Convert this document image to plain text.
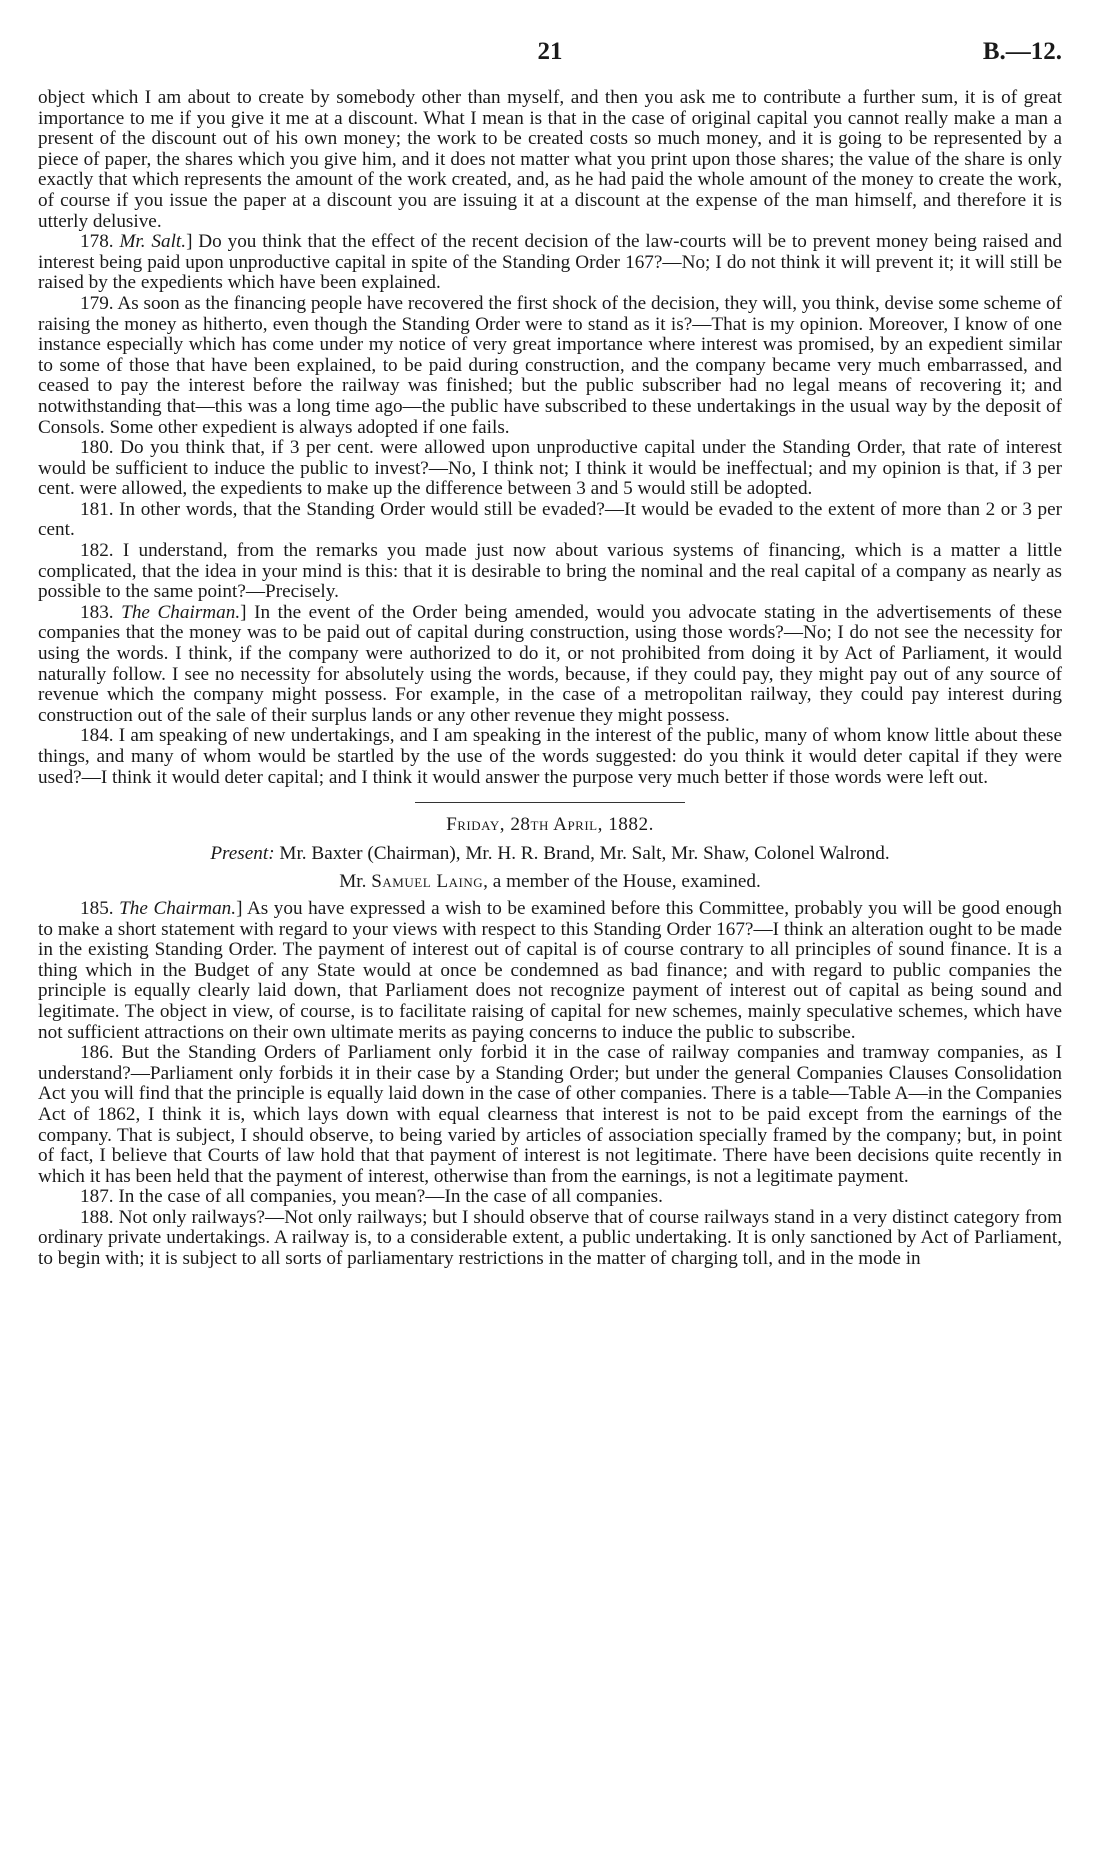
21	B.—12.

object which I am about to create by somebody other than myself, and then you ask me to contribute a further sum, it is of great importance to me if you give it me at a discount. What I mean is that in the case of original capital you cannot really make a man a present of the discount out of his own money; the work to be created costs so much money, and it is going to be represented by a piece of paper, the shares which you give him, and it does not matter what you print upon those shares; the value of the share is only exactly that which represents the amount of the work created, and, as he had paid the whole amount of the money to create the work, of course if you issue the paper at a discount you are issuing it at a discount at the expense of the man himself, and therefore it is utterly delusive.

178. Mr. Salt.] Do you think that the effect of the recent decision of the law-courts will be to prevent money being raised and interest being paid upon unproductive capital in spite of the Standing Order 167?—No; I do not think it will prevent it; it will still be raised by the expedients which have been explained.

179. As soon as the financing people have recovered the first shock of the decision, they will, you think, devise some scheme of raising the money as hitherto, even though the Standing Order were to stand as it is?—That is my opinion. Moreover, I know of one instance especially which has come under my notice of very great importance where interest was promised, by an expedient similar to some of those that have been explained, to be paid during construction, and the company became very much embarrassed, and ceased to pay the interest before the railway was finished; but the public subscriber had no legal means of recovering it; and notwithstanding that—this was a long time ago—the public have subscribed to these undertakings in the usual way by the deposit of Consols. Some other expedient is always adopted if one fails.

180. Do you think that, if 3 per cent. were allowed upon unproductive capital under the Standing Order, that rate of interest would be sufficient to induce the public to invest?—No, I think not; I think it would be ineffectual; and my opinion is that, if 3 per cent. were allowed, the expedients to make up the difference between 3 and 5 would still be adopted.

181. In other words, that the Standing Order would still be evaded?—It would be evaded to the extent of more than 2 or 3 per cent.

182. I understand, from the remarks you made just now about various systems of financing, which is a matter a little complicated, that the idea in your mind is this: that it is desirable to bring the nominal and the real capital of a company as nearly as possible to the same point?—Precisely.

183. The Chairman.] In the event of the Order being amended, would you advocate stating in the advertisements of these companies that the money was to be paid out of capital during construction, using those words?—No; I do not see the necessity for using the words. I think, if the company were authorized to do it, or not prohibited from doing it by Act of Parliament, it would naturally follow. I see no necessity for absolutely using the words, because, if they could pay, they might pay out of any source of revenue which the company might possess. For example, in the case of a metropolitan railway, they could pay interest during construction out of the sale of their surplus lands or any other revenue they might possess.

184. I am speaking of new undertakings, and I am speaking in the interest of the public, many of whom know little about these things, and many of whom would be startled by the use of the words suggested: do you think it would deter capital if they were used?—I think it would deter capital; and I think it would answer the purpose very much better if those words were left out.

Friday, 28th April, 1882.

Present: Mr. Baxter (Chairman), Mr. H. R. Brand, Mr. Salt, Mr. Shaw, Colonel Walrond.

Mr. Samuel Laing, a member of the House, examined.

185. The Chairman.] As you have expressed a wish to be examined before this Committee, probably you will be good enough to make a short statement with regard to your views with respect to this Standing Order 167?—I think an alteration ought to be made in the existing Standing Order. The payment of interest out of capital is of course contrary to all principles of sound finance. It is a thing which in the Budget of any State would at once be condemned as bad finance; and with regard to public companies the principle is equally clearly laid down, that Parliament does not recognize payment of interest out of capital as being sound and legitimate. The object in view, of course, is to facilitate raising of capital for new schemes, mainly speculative schemes, which have not sufficient attractions on their own ultimate merits as paying concerns to induce the public to subscribe.

186. But the Standing Orders of Parliament only forbid it in the case of railway companies and tramway companies, as I understand?—Parliament only forbids it in their case by a Standing Order; but under the general Companies Clauses Consolidation Act you will find that the principle is equally laid down in the case of other companies. There is a table—Table A—in the Companies Act of 1862, I think it is, which lays down with equal clearness that interest is not to be paid except from the earnings of the company. That is subject, I should observe, to being varied by articles of association specially framed by the company; but, in point of fact, I believe that Courts of law hold that that payment of interest is not legitimate. There have been decisions quite recently in which it has been held that the payment of interest, otherwise than from the earnings, is not a legitimate payment.

187. In the case of all companies, you mean?—In the case of all companies.

188. Not only railways?—Not only railways; but I should observe that of course railways stand in a very distinct category from ordinary private undertakings. A railway is, to a considerable extent, a public undertaking. It is only sanctioned by Act of Parliament, to begin with; it is subject to all sorts of parliamentary restrictions in the matter of charging toll, and in the mode in
